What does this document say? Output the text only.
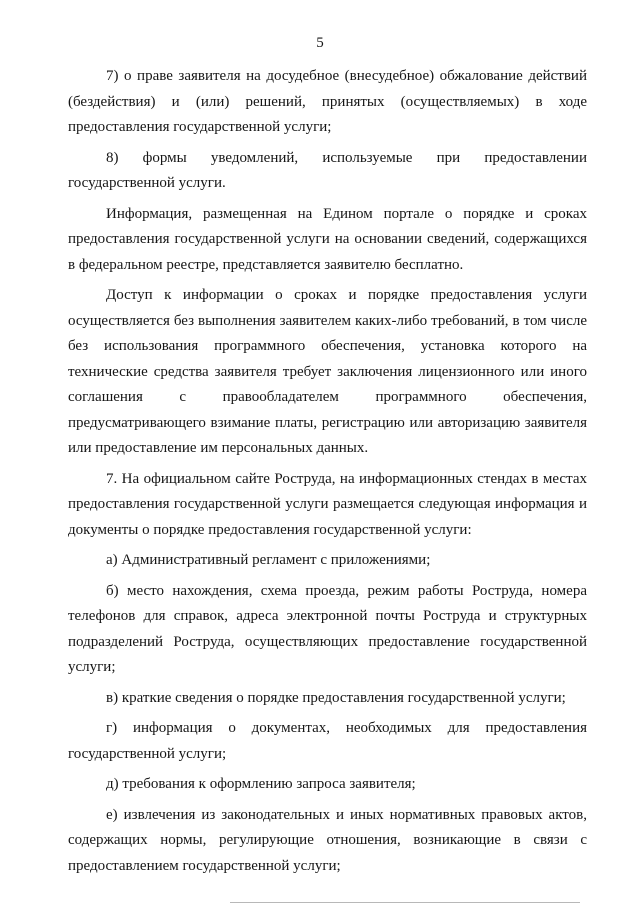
5

7) о праве заявителя на досудебное (внесудебное) обжалование действий (бездействия) и (или) решений, принятых (осуществляемых) в ходе предоставления государственной услуги;

8) формы уведомлений, используемые при предоставлении государственной услуги.

Информация, размещенная на Едином портале о порядке и сроках предоставления государственной услуги на основании сведений, содержащихся в федеральном реестре, представляется заявителю бесплатно.

Доступ к информации о сроках и порядке предоставления услуги осуществляется без выполнения заявителем каких-либо требований, в том числе без использования программного обеспечения, установка которого на технические средства заявителя требует заключения лицензионного или иного соглашения с правообладателем программного обеспечения, предусматривающего взимание платы, регистрацию или авторизацию заявителя или предоставление им персональных данных.

7. На официальном сайте Роструда, на информационных стендах в местах предоставления государственной услуги размещается следующая информация и документы о порядке предоставления государственной услуги:

а) Административный регламент с приложениями;

б) место нахождения, схема проезда, режим работы Роструда, номера телефонов для справок, адреса электронной почты Роструда и структурных подразделений Роструда, осуществляющих предоставление государственной услуги;

в) краткие сведения о порядке предоставления государственной услуги;

г) информация о документах, необходимых для предоставления государственной услуги;

д) требования к оформлению запроса заявителя;

е) извлечения из законодательных и иных нормативных правовых актов, содержащих нормы, регулирующие отношения, возникающие в связи с предоставлением государственной услуги;
